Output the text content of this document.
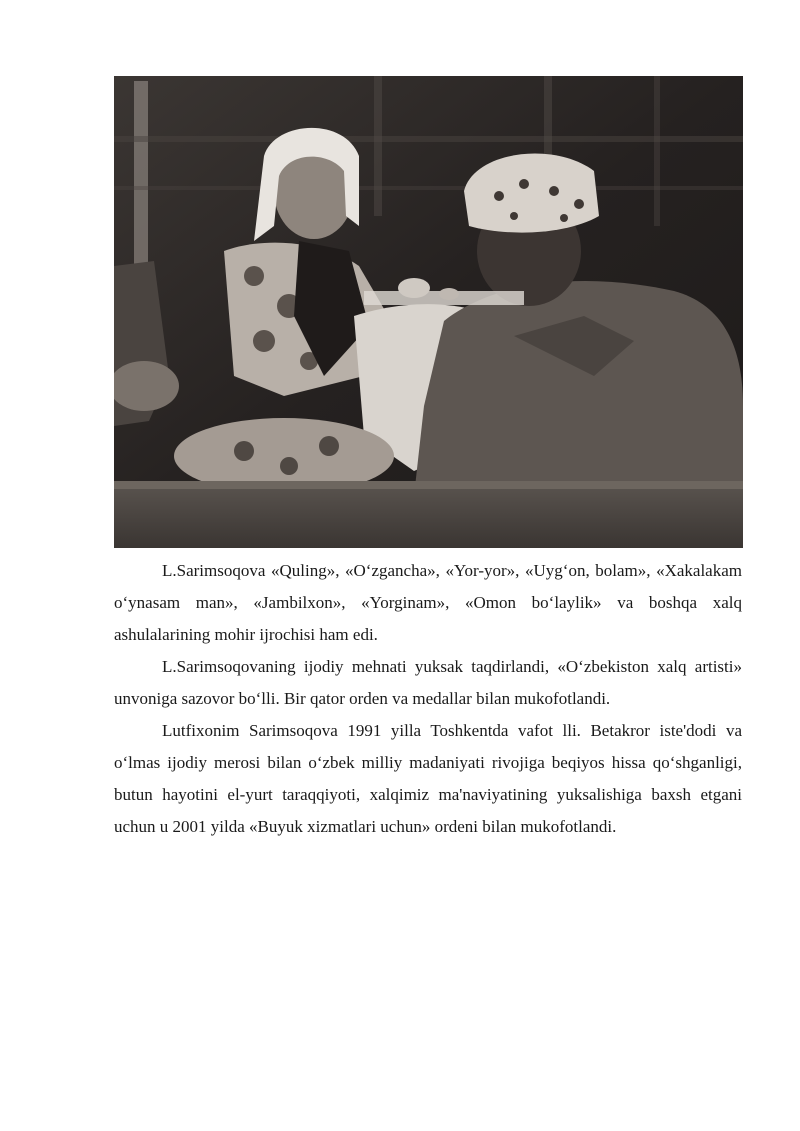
L.Sarimsoqova «Quling», «O‘zgancha», «Yor-yor», «Uyg‘on, bolam», «Xakalakam o‘ynasam man», «Jambilxon», «Yorginam», «Omon bo‘laylik» va boshqa xalq ashulalarining mohir ijrochisi ham edi.

L.Sarimsoqovaning ijodiy mehnati yuksak taqdirlandi, «O‘zbekiston xalq artisti» unvoniga sazovor bo‘lli. Bir qator orden va medallar bilan mukofotlandi.

Lutfixonim Sarimsoqova 1991 yilla Toshkentda vafot lli. Betakror iste'dodi va o‘lmas ijodiy merosi bilan o‘zbek milliy madaniyati rivojiga beqiyos hissa qo‘shganligi, butun hayotini el-yurt taraqqiyoti, xalqimiz ma'naviyatining yuksalishiga baxsh etgani uchun u 2001 yilda «Buyuk xizmatlari uchun» ordeni bilan mukofotlandi.
